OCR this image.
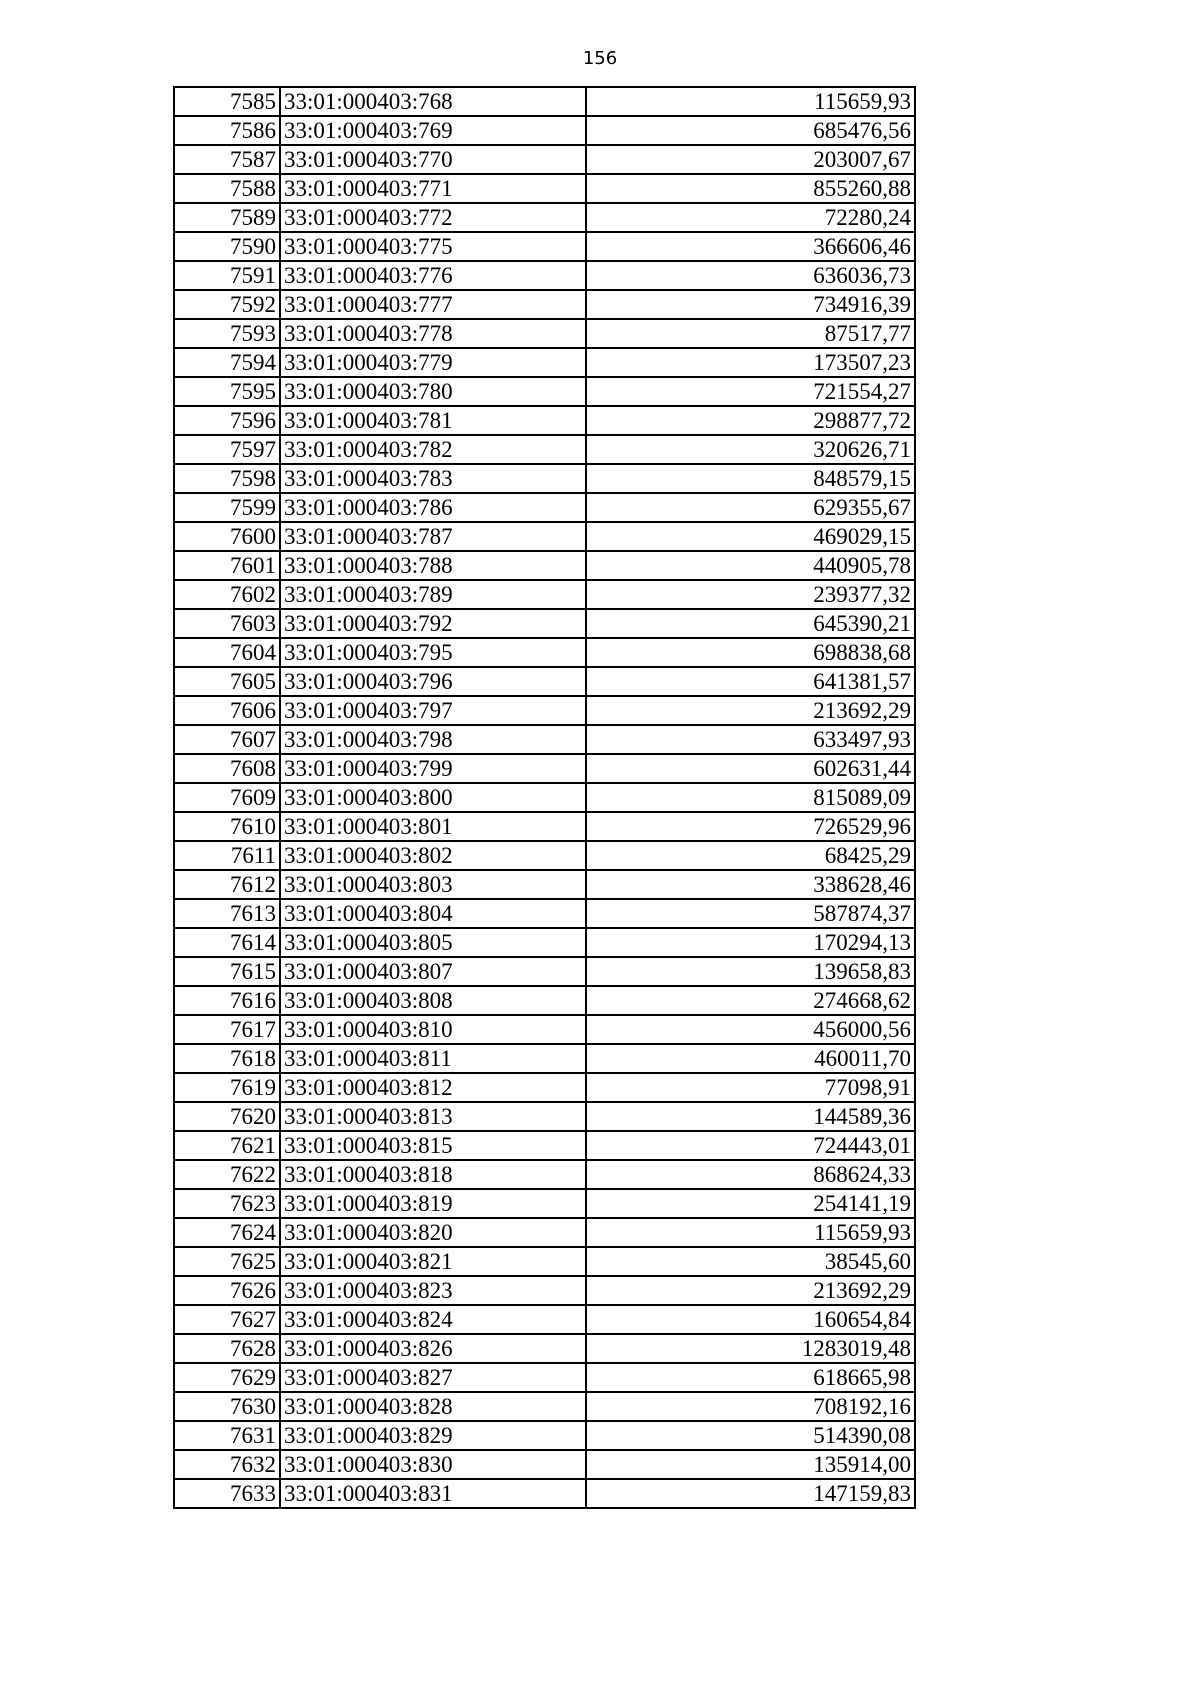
156
7585	33:01:000403:768	115659,93
7586	33:01:000403:769	685476,56
7587	33:01:000403:770	203007,67
7588	33:01:000403:771	855260,88
7589	33:01:000403:772	72280,24
7590	33:01:000403:775	366606,46
7591	33:01:000403:776	636036,73
7592	33:01:000403:777	734916,39
7593	33:01:000403:778	87517,77
7594	33:01:000403:779	173507,23
7595	33:01:000403:780	721554,27
7596	33:01:000403:781	298877,72
7597	33:01:000403:782	320626,71
7598	33:01:000403:783	848579,15
7599	33:01:000403:786	629355,67
7600	33:01:000403:787	469029,15
7601	33:01:000403:788	440905,78
7602	33:01:000403:789	239377,32
7603	33:01:000403:792	645390,21
7604	33:01:000403:795	698838,68
7605	33:01:000403:796	641381,57
7606	33:01:000403:797	213692,29
7607	33:01:000403:798	633497,93
7608	33:01:000403:799	602631,44
7609	33:01:000403:800	815089,09
7610	33:01:000403:801	726529,96
7611	33:01:000403:802	68425,29
7612	33:01:000403:803	338628,46
7613	33:01:000403:804	587874,37
7614	33:01:000403:805	170294,13
7615	33:01:000403:807	139658,83
7616	33:01:000403:808	274668,62
7617	33:01:000403:810	456000,56
7618	33:01:000403:811	460011,70
7619	33:01:000403:812	77098,91
7620	33:01:000403:813	144589,36
7621	33:01:000403:815	724443,01
7622	33:01:000403:818	868624,33
7623	33:01:000403:819	254141,19
7624	33:01:000403:820	115659,93
7625	33:01:000403:821	38545,60
7626	33:01:000403:823	213692,29
7627	33:01:000403:824	160654,84
7628	33:01:000403:826	1283019,48
7629	33:01:000403:827	618665,98
7630	33:01:000403:828	708192,16
7631	33:01:000403:829	514390,08
7632	33:01:000403:830	135914,00
7633	33:01:000403:831	147159,83
